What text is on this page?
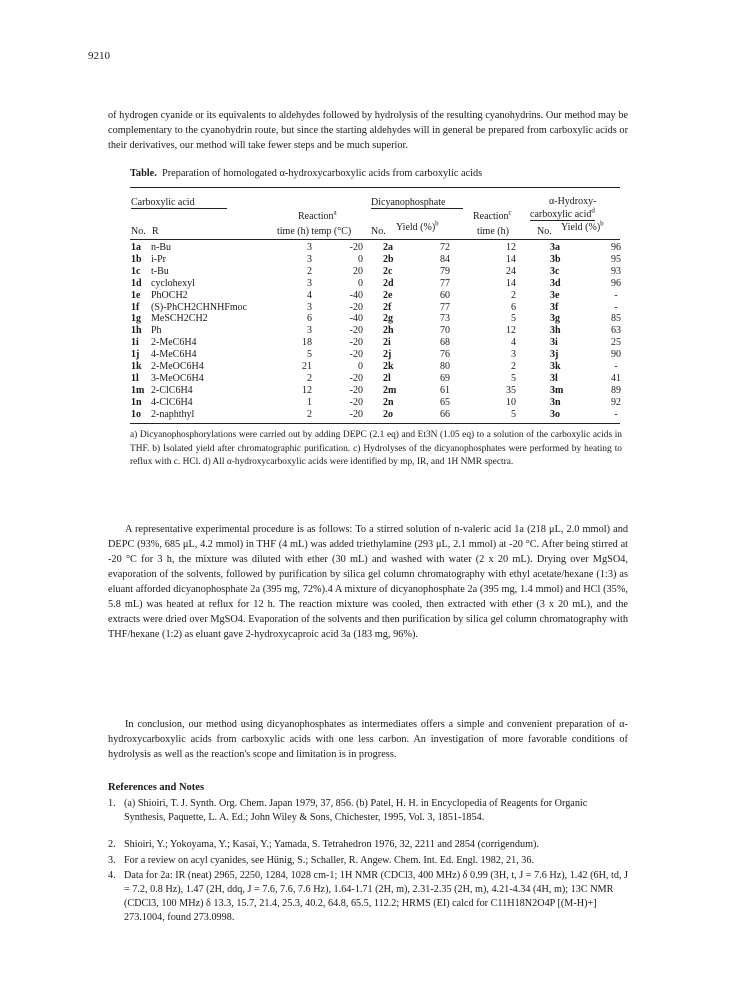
9210

of hydrogen cyanide or its equivalents to aldehydes followed by hydrolysis of the resulting cyanohydrins. Our method may be complementary to the cyanohydrin route, but since the starting aldehydes will in general be prepared from carboxylic acids or their derivatives, our method will take fewer steps and be much superior.

Table. Preparation of homologated α-hydroxycarboxylic acids from carboxylic acids
Carboxylic acid
No. R
Reaction$^a$
time (h) temp (°C)
Dicyanophosphate
No. Yield (%)$^b$
Reaction$^c$
time (h)
α-Hydroxy-
carboxylic acid$^d$
No. Yield (%)$^b$
1a	n-Bu	3	-20	2a	72	12	3a	96
1b	i-Pr	3	0	2b	84	14	3b	95
1c	t-Bu	2	20	2c	79	24	3c	93
1d	cyclohexyl	3	0	2d	77	14	3d	96
1e	PhOCH2	4	-40	2e	60	2	3e	-
1f	(S)-PhCH2CHNHFmoc	3	-20	2f	77	6	3f	-
1g	MeSCH2CH2	6	-40	2g	73	5	3g	85
1h	Ph	3	-20	2h	70	12	3h	63
1i	2-MeC6H4	18	-20	2i	68	4	3i	25
1j	4-MeC6H4	5	-20	2j	76	3	3j	90
1k	2-MeOC6H4	21	0	2k	80	2	3k	-
1l	3-MeOC6H4	2	-20	2l	69	5	3l	41
1m	2-ClC6H4	12	-20	2m	61	35	3m	89
1n	4-ClC6H4	1	-20	2n	65	10	3n	92
1o	2-naphthyl	2	-20	2o	66	5	3o	-

a) Dicyanophosphorylations were carried out by adding DEPC (2.1 eq) and Et3N (1.05 eq) to a solution of the carboxylic acids in THF. b) Isolated yield after chromatographic purification. c) Hydrolyses of the dicyanophosphates were performed by heating to reflux with c. HCl. d) All α-hydroxycarboxylic acids were identified by mp, IR, and 1H NMR spectra.

A representative experimental procedure is as follows: To a stirred solution of n-valeric acid 1a (218 μL, 2.0 mmol) and DEPC (93%, 685 μL, 4.2 mmol) in THF (4 mL) was added triethylamine (293 μL, 2.1 mmol) at -20 °C. After being stirred at -20 °C for 3 h, the mixture was diluted with ether (30 mL) and washed with water (2 x 20 mL). Drying over MgSO4, evaporation of the solvents, followed by purification by silica gel column chromatography with ethyl acetate/hexane (1:3) as eluant afforded dicyanophosphate 2a (395 mg, 72%).4 A mixture of dicyanophosphate 2a (395 mg, 1.4 mmol) and HCl (35%, 5.8 mL) was heated at reflux for 12 h. The reaction mixture was cooled, then extracted with ether (3 x 20 mL), and the extracts were dried over MgSO4. Evaporation of the solvents and then purification by silica gel column chromatography with THF/hexane (1:2) as eluant gave 2-hydroxycaproic acid 3a (183 mg, 96%).

In conclusion, our method using dicyanophosphates as intermediates offers a simple and convenient preparation of α-hydroxycarboxylic acids from carboxylic acids with one less carbon. An investigation of more favorable conditions of hydrolysis as well as the reaction's scope and limitation is in progress.

References and Notes
1. (a) Shioiri, T. J. Synth. Org. Chem. Japan 1979, 37, 856. (b) Patel, H. H. in Encyclopedia of Reagents for Organic Synthesis, Paquette, L. A. Ed.; John Wiley & Sons, Chichester, 1995, Vol. 3, 1851-1854.
2. Shioiri, Y.; Yokoyama, Y.; Kasai, Y.; Yamada, S. Tetrahedron 1976, 32, 2211 and 2854 (corrigendum).
3. For a review on acyl cyanides, see Hünig, S.; Schaller, R. Angew. Chem. Int. Ed. Engl. 1982, 21, 36.
4. Data for 2a: IR (neat) 2965, 2250, 1284, 1028 cm-1; 1H NMR (CDCl3, 400 MHz) δ 0.99 (3H, t, J = 7.6 Hz), 1.42 (6H, td, J = 7.2, 0.8 Hz), 1.47 (2H, ddq, J = 7.6, 7.6, 7.6 Hz), 1.64-1.71 (2H, m), 2.31-2.35 (2H, m), 4.21-4.34 (4H, m); 13C NMR (CDCl3, 100 MHz) δ 13.3, 15.7, 21.4, 25.3, 40.2, 64.8, 65.5, 112.2; HRMS (EI) calcd for C11H18N2O4P [(M-H)+] 273.1004, found 273.0998.
